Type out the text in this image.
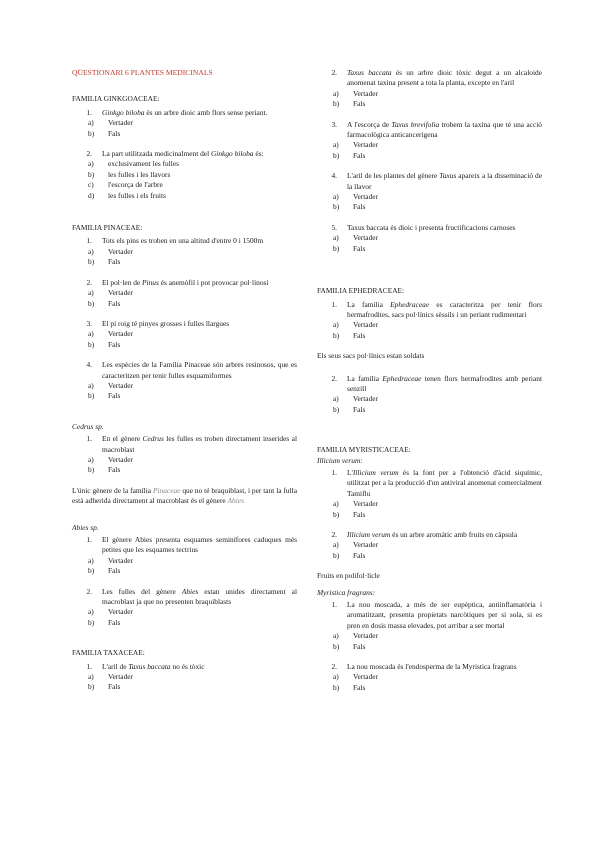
QÜESTIONARI 6 PLANTES MEDICINALS
FAMILIA GINKGOACEAE:
1.	Ginkgo biloba és un arbre dioic amb flors sense periant.
a)	Vertader
b)	Fals
2.	La part utilitzada medicinalment del Ginkgo biloba és:
a)	exclusivament les fulles
b)	les fulles i les llavors
c)	l'escorça de l'arbre
d)	les fulles i els fruits
FAMILIA PINACEAE:
1.	Tots els pins es troben en una altitud d'entre 0 i 1500m
a)	Vertader
b)	Fals
2.	El pol·len de Pinus és anemòfil i pot provocar pol·linosi
a)	Vertader
b)	Fals
3.	El pi roig té pinyes grosses i fulles llargues
a)	Vertader
b)	Fals
4.	Les espècies de la Família Pinaceae són arbres resinosos, que es caracteritzen per tenir fulles esquamiformes
a)	Vertader
b)	Fals
Cedrus sp.
1.	En el gènere Cedrus les fulles es troben directament inserides al macroblast
a)	Vertader
b)	Fals
L'únic gènere de la família Pinaceae que no té braquiblast, i per tant la fulla està adherida directament al macroblast és el gènere Abies
Abies sp.
1.	El gènere Abies presenta esquames seminífores caduques més petites que les esquames tectrius
a)	Vertader
b)	Fals
2.	Les fulles del gènere Abies estan unides directament al macroblast ja que no presenten braquiblasts
a)	Vertader
b)	Fals
FAMILIA TAXACEAE:
1.	L'aril de Taxus baccata no és tòxic
a)	Vertader
b)	Fals
2.	Taxus baccata és un arbre dioic tòxic degut a un alcaloide anomenat taxina present a tota la planta, excepte en l'aril
a)	Vertader
b)	Fals
3.	A l'escorça de Taxus brevifolia trobem la taxina que té una acció farmacològica anticancerígena
a)	Vertader
b)	Fals
4.	L'aril de les plantes del gènere Taxus apareix a la disseminació de la llavor
a)	Vertader
b)	Fals
5.	Taxus baccata és dioic i presenta fructificacions carnoses
a)	Vertader
b)	Fals
FAMILIA EPHEDRACEAE:
1.	La família Ephedraceae es caracteritza per tenir flors hermafrodites, sacs pol·línics sèssils i un periant rudimentari
a)	Vertader
b)	Fals
Els seus sacs pol·línics estan soldats
2.	La família Ephedraceae tenen flors hermafrodites amb periant senzill
a)	Vertader
b)	Fals
FAMILIA MYRISTICACEAE:
Illicium verum:
1.	L'Illicium verum és la font per a l'obtenció d'àcid siquímic, utilitzat per a la producció d'un antiviral anomenat comercialment Tamiflu
a)	Vertader
b)	Fals
2.	Illicium verum és un arbre aromàtic amb fruits en càpsula
a)	Vertader
b)	Fals
Fruits en polifol·licle
Myristica fragrans:
1.	La nou moscada, a més de ser eupèptica, antiinflamatòria i aromatitzant, presenta propietats narcòtiques per si sola, si es pren en dosis massa elevades, pot arribar a ser mortal
a)	Vertader
b)	Fals
2.	La nou moscada és l'endosperma de la Myristica fragrans
a)	Vertader
b)	Fals
